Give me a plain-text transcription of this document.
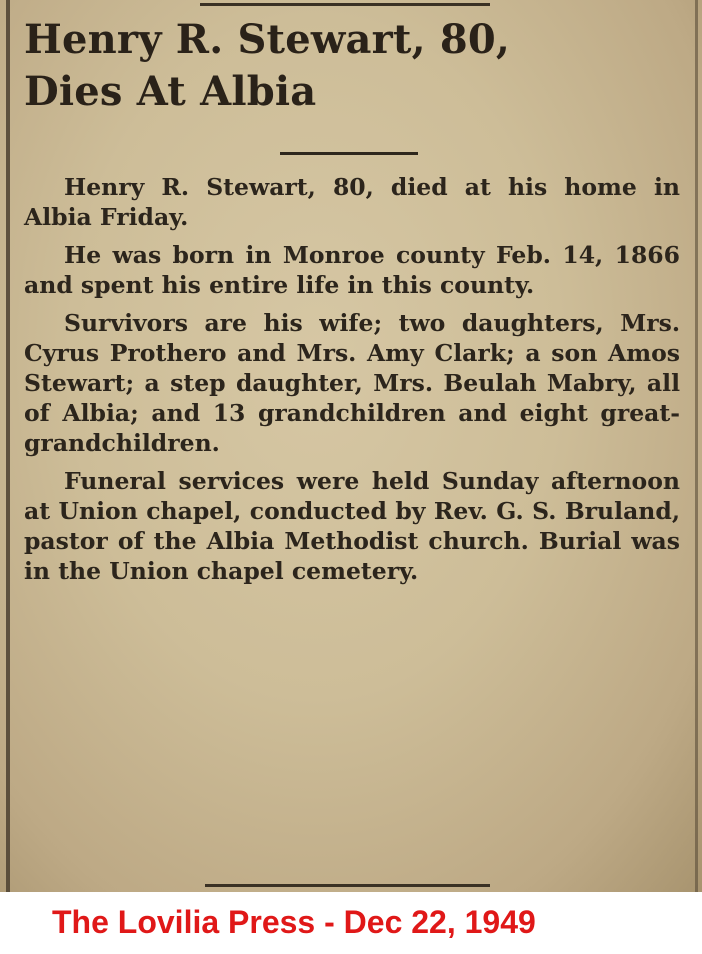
Henry R. Stewart, 80,
Dies At Albia

Henry R. Stewart, 80, died at his home in Albia Friday.

He was born in Monroe county Feb. 14, 1866 and spent his entire life in this county.

Survivors are his wife; two daughters, Mrs. Cyrus Prothero and Mrs. Amy Clark; a son Amos Stewart; a step daughter, Mrs. Beulah Mabry, all of Albia; and 13 grandchildren and eight great-grandchildren.

Funeral services were held Sunday afternoon at Union chapel, conducted by Rev. G. S. Bruland, pastor of the Albia Methodist church. Burial was in the Union chapel cemetery.

The Lovilia Press - Dec 22, 1949
